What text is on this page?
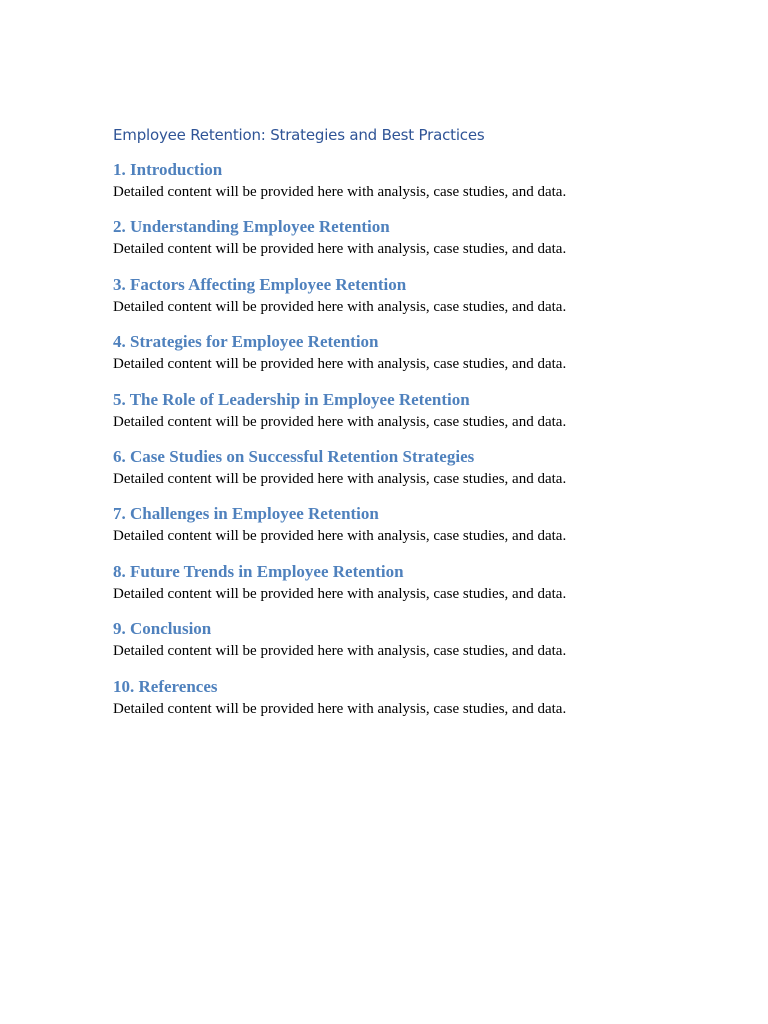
Employee Retention: Strategies and Best Practices
1. Introduction

Detailed content will be provided here with analysis, case studies, and data.

2. Understanding Employee Retention

Detailed content will be provided here with analysis, case studies, and data.

3. Factors Affecting Employee Retention

Detailed content will be provided here with analysis, case studies, and data.

4. Strategies for Employee Retention

Detailed content will be provided here with analysis, case studies, and data.

5. The Role of Leadership in Employee Retention

Detailed content will be provided here with analysis, case studies, and data.

6. Case Studies on Successful Retention Strategies

Detailed content will be provided here with analysis, case studies, and data.

7. Challenges in Employee Retention

Detailed content will be provided here with analysis, case studies, and data.

8. Future Trends in Employee Retention

Detailed content will be provided here with analysis, case studies, and data.

9. Conclusion

Detailed content will be provided here with analysis, case studies, and data.

10. References

Detailed content will be provided here with analysis, case studies, and data.
